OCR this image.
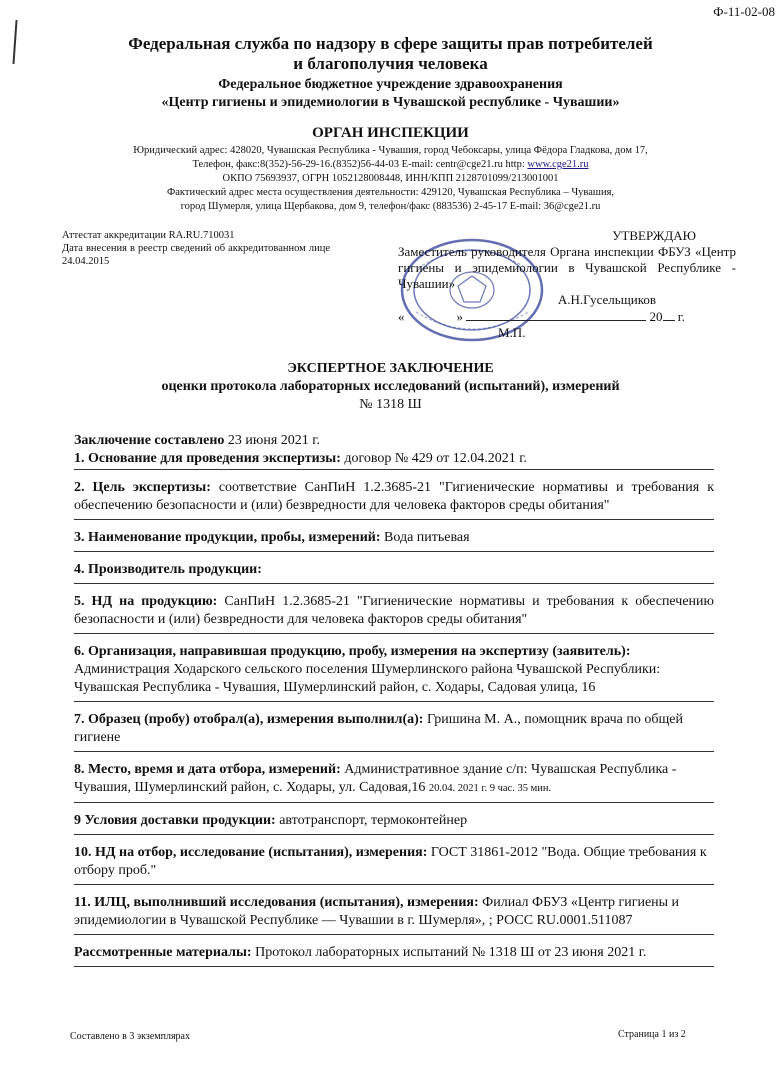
Ф-11-02-08
Федеральная служба по надзору в сфере защиты прав потребителей
и благополучия человека
Федеральное бюджетное учреждение здравоохранения
«Центр гигиены и эпидемиологии в Чувашской республике - Чувашии»
ОРГАН ИНСПЕКЦИИ
Юридический адрес: 428020, Чувашская Республика - Чувашия, город Чебоксары, улица Фёдора Гладкова, дом 17,
Телефон, факс:8(352)-56-29-16.(8352)56-44-03 E-mail: centr@cge21.ru http: www.cge21.ru
ОКПО 75693937, ОГРН 1052128008448, ИНН/КПП 2128701099/213001001
Фактический адрес места осуществления деятельности: 429120, Чувашская Республика – Чувашия,
город Шумерля, улица Щербакова, дом 9, телефон/факс (883536) 2-45-17 E-mail: 36@cge21.ru
Аттестат аккредитации RA.RU.710031
Дата внесения в реестр сведений об аккредитованном лице 24.04.2015
УТВЕРЖДАЮ
Заместитель руководителя Органа инспекции ФБУЗ «Центр гигиены и эпидемиологии в Чувашской Республике - Чувашии»
А.Н.Гусельщиков
«	»	20 г.
М.П.
ЭКСПЕРТНОЕ ЗАКЛЮЧЕНИЕ
оценки протокола лабораторных исследований (испытаний), измерений
№ 1318 Ш
Заключение составлено 23 июня 2021 г.
1. Основание для проведения экспертизы: договор № 429 от 12.04.2021 г.
2. Цель экспертизы: соответствие СанПиН 1.2.3685-21 "Гигиенические нормативы и требования к обеспечению безопасности и (или) безвредности для человека факторов среды обитания"
3. Наименование продукции, пробы, измерений: Вода питьевая
4. Производитель продукции:
5. НД на продукцию: СанПиН 1.2.3685-21 "Гигиенические нормативы и требования к обеспечению безопасности и (или) безвредности для человека факторов среды обитания"
6. Организация, направившая продукцию, пробу, измерения на экспертизу (заявитель): Администрация Ходарского сельского поселения Шумерлинского района Чувашской Республики: Чувашская Республика - Чувашия, Шумерлинский район, с. Ходары, Садовая улица, 16
7. Образец (пробу) отобрал(а), измерения выполнил(а): Гришина М. А., помощник врача по общей гигиене
8. Место, время и дата отбора, измерений: Административное здание с/п: Чувашская Республика - Чувашия, Шумерлинский район, с. Ходары, ул. Садовая,16 20.04. 2021 г. 9 час. 35 мин.
9 Условия доставки продукции: автотранспорт, термоконтейнер
10. НД на отбор, исследование (испытания), измерения: ГОСТ 31861-2012 "Вода. Общие требования к отбору проб."
11. ИЛЦ, выполнивший исследования (испытания), измерения: Филиал ФБУЗ «Центр гигиены и эпидемиологии в Чувашской Республике — Чувашии в г. Шумерля», ; РОСС RU.0001.511087
Рассмотренные материалы: Протокол лабораторных испытаний № 1318 Ш от 23 июня 2021 г.
Составлено в 3 экземплярах	Страница 1 из 2
